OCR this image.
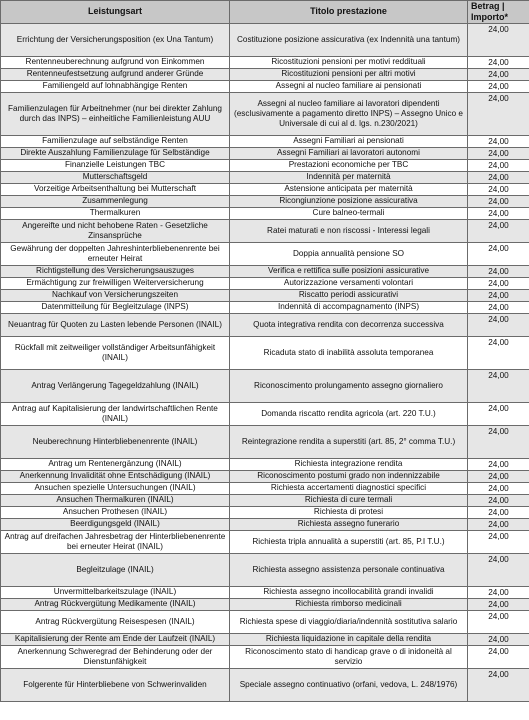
Leistungsart	Titolo prestazione	Betrag | Importo*
Errichtung der Versicherungsposition (ex Una Tantum)	Costituzione posizione assicurativa (ex Indennità una tantum)	24,00
Rentenneuberechnung aufgrund von Einkommen	Ricostituzioni pensioni per motivi reddituali	24,00
Rentenneufestsetzung aufgrund anderer Gründe	Ricostituzioni pensioni per altri motivi	24,00
Familiengeld auf lohnabhängige Renten	Assegni al nucleo familiare ai pensionati	24,00
Familienzulagen für Arbeitnehmer (nur bei direkter Zahlung durch das INPS) – einheitliche Familienleistung AUU	Assegni al nucleo familiare ai lavoratori dipendenti (esclusivamente a pagamento diretto INPS) – Assegno Unico e Universale di cui al d. lgs. n.230/2021)	24,00
Familienzulage auf selbständige Renten	Assegni Familiari ai pensionati	24,00
Direkte Auszahlung Familienzulage für Selbständige	Assegni Familiari ai lavoratori autonomi	24,00
Finanzielle Leistungen TBC	Prestazioni economiche per TBC	24,00
Mutterschaftsgeld	Indennità per maternità	24,00
Vorzeitige Arbeitsenthaltung bei Mutterschaft	Astensione anticipata per maternità	24,00
Zusammenlegung	Ricongiunzione posizione assicurativa	24,00
Thermalkuren	Cure balneo-termali	24,00
Angereifte und nicht behobene Raten - Gesetzliche Zinsansprüche	Ratei maturati e non riscossi - Interessi legali	24,00
Gewährung der doppelten Jahreshinterbliebenenrente bei erneuter Heirat	Doppia annualità pensione SO	24,00
Richtigstellung des Versicherungsauszuges	Verifica e rettifica sulle posizioni assicurative	24,00
Ermächtigung zur freiwilligen Weiterversicherung	Autorizzazione versamenti volontari	24,00
Nachkauf von Versicherungszeiten	Riscatto periodi assicurativi	24,00
Datenmitteilung für Begleitzulage (INPS)	Indennità di accompagnamento (INPS)	24,00
Neuantrag für Quoten zu Lasten lebende Personen (INAIL)	Quota integrativa rendita con decorrenza successiva	24,00
Rückfall mit zeitweiliger vollständiger Arbeitsunfähigkeit (INAIL)	Ricaduta stato di inabilità assoluta temporanea	24,00
Antrag Verlängerung Tagegeldzahlung (INAIL)	Riconoscimento prolungamento assegno giornaliero	24,00
Antrag auf Kapitalisierung der landwirtschaftlichen Rente (INAIL)	Domanda riscatto rendita agricola (art. 220 T.U.)	24,00
Neuberechnung Hinterbliebenenrente (INAIL)	Reintegrazione rendita a superstiti (art. 85, 2° comma T.U.)	24,00
Antrag um Rentenergänzung (INAIL)	Richiesta integrazione rendita	24,00
Anerkennung Invalidität ohne Entschädigung (INAIL)	Riconoscimento postumi grado non indennizzabile	24,00
Ansuchen spezielle Untersuchungen (INAIL)	Richiesta accertamenti diagnostici specifici	24,00
Ansuchen Thermalkuren (INAIL)	Richiesta di cure termali	24,00
Ansuchen Prothesen (INAIL)	Richiesta di protesi	24,00
Beerdigungsgeld (INAIL)	Richiesta assegno funerario	24,00
Antrag auf dreifachen Jahresbetrag der Hinterbliebenenrente bei erneuter Heirat (INAIL)	Richiesta tripla annualità a superstiti (art. 85, P.I T.U.)	24,00
Begleitzulage (INAIL)	Richiesta assegno assistenza personale continuativa	24,00
Unvermittelbarkeitszulage (INAIL)	Richiesta assegno incollocabilità grandi invalidi	24,00
Antrag Rückvergütung Medikamente (INAIL)	Richiesta rimborso medicinali	24,00
Antrag Rückvergütung Reisespesen (INAIL)	Richiesta spese di viaggio/diaria/indennità sostitutiva salario	24,00
Kapitalisierung der Rente am Ende der Laufzeit (INAIL)	Richiesta liquidazione in capitale della rendita	24,00
Anerkennung Schweregrad der Behinderung oder der Dienstunfähigkeit	Riconoscimento stato di handicap grave o di inidoneità al servizio	24,00
Folgerente für Hinterbliebene von Schwerinvaliden	Speciale assegno continuativo (orfani, vedova, L. 248/1976)	24,00
